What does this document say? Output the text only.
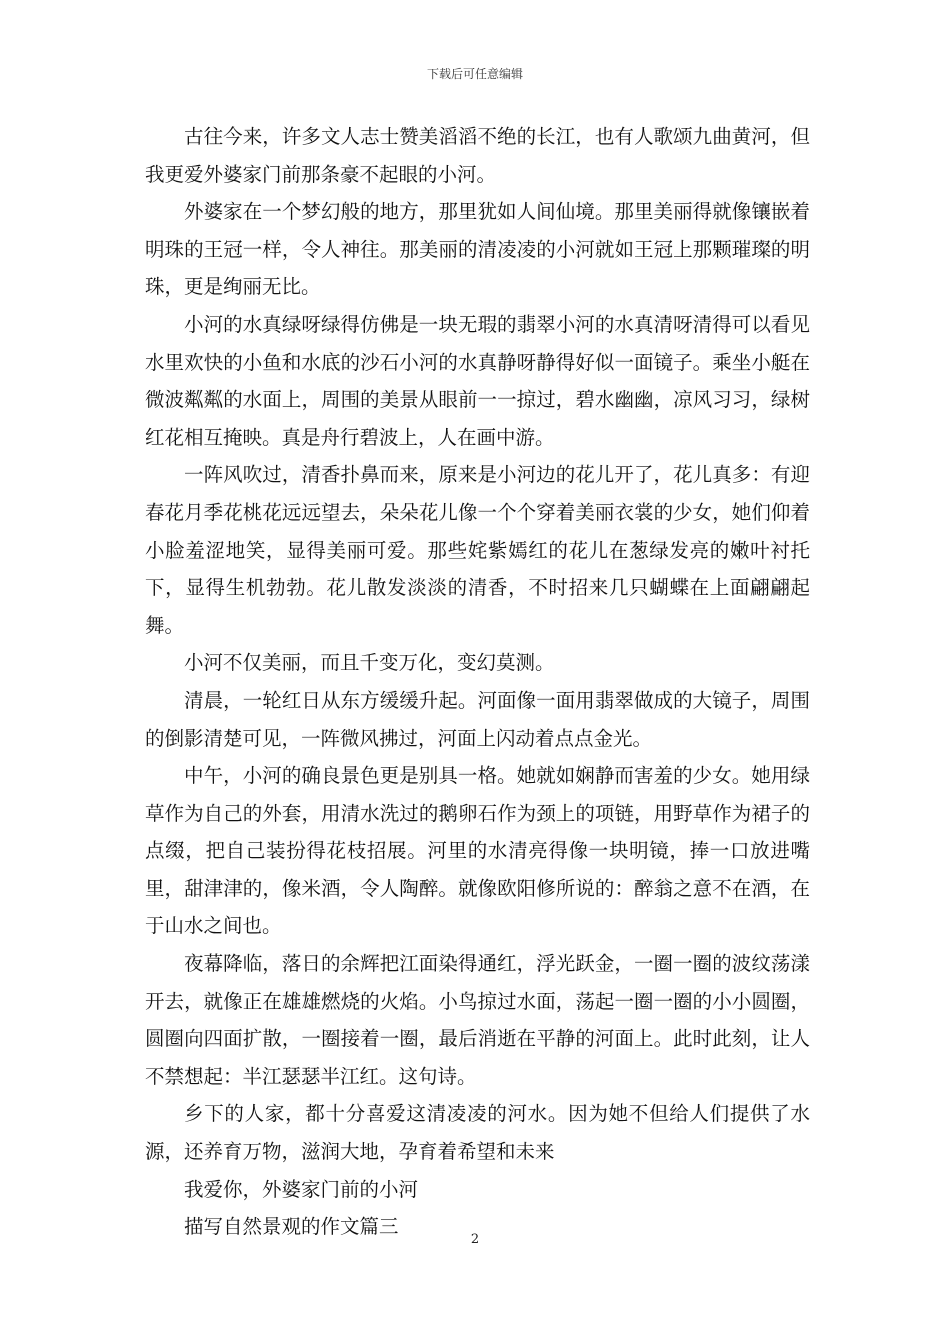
下载后可任意编辑

古往今来，许多文人志士赞美滔滔不绝的长江，也有人歌颂九曲黄河，但我更爱外婆家门前那条豪不起眼的小河。

外婆家在一个梦幻般的地方，那里犹如人间仙境。那里美丽得就像镶嵌着明珠的王冠一样，令人神往。那美丽的清凌凌的小河就如王冠上那颗璀璨的明珠，更是绚丽无比。

小河的水真绿呀绿得仿佛是一块无瑕的翡翠小河的水真清呀清得可以看见水里欢快的小鱼和水底的沙石小河的水真静呀静得好似一面镜子。乘坐小艇在微波粼粼的水面上，周围的美景从眼前一一掠过，碧水幽幽，凉风习习，绿树红花相互掩映。真是舟行碧波上，人在画中游。

一阵风吹过，清香扑鼻而来，原来是小河边的花儿开了，花儿真多：有迎春花月季花桃花远远望去，朵朵花儿像一个个穿着美丽衣裳的少女，她们仰着小脸羞涩地笑，显得美丽可爱。那些姹紫嫣红的花儿在葱绿发亮的嫩叶衬托下，显得生机勃勃。花儿散发淡淡的清香，不时招来几只蝴蝶在上面翩翩起舞。

小河不仅美丽，而且千变万化，变幻莫测。

清晨，一轮红日从东方缓缓升起。河面像一面用翡翠做成的大镜子，周围的倒影清楚可见，一阵微风拂过，河面上闪动着点点金光。

中午，小河的确良景色更是别具一格。她就如娴静而害羞的少女。她用绿草作为自己的外套，用清水洗过的鹅卵石作为颈上的项链，用野草作为裙子的点缀，把自己装扮得花枝招展。河里的水清亮得像一块明镜，捧一口放进嘴里，甜津津的，像米酒，令人陶醉。就像欧阳修所说的：醉翁之意不在酒，在于山水之间也。

夜幕降临，落日的余辉把江面染得通红，浮光跃金，一圈一圈的波纹荡漾开去，就像正在雄雄燃烧的火焰。小鸟掠过水面，荡起一圈一圈的小小圆圈，圆圈向四面扩散，一圈接着一圈，最后消逝在平静的河面上。此时此刻，让人不禁想起：半江瑟瑟半江红。这句诗。

乡下的人家，都十分喜爱这清凌凌的河水。因为她不但给人们提供了水源，还养育万物，滋润大地，孕育着希望和未来

我爱你，外婆家门前的小河

描写自然景观的作文篇三

2
